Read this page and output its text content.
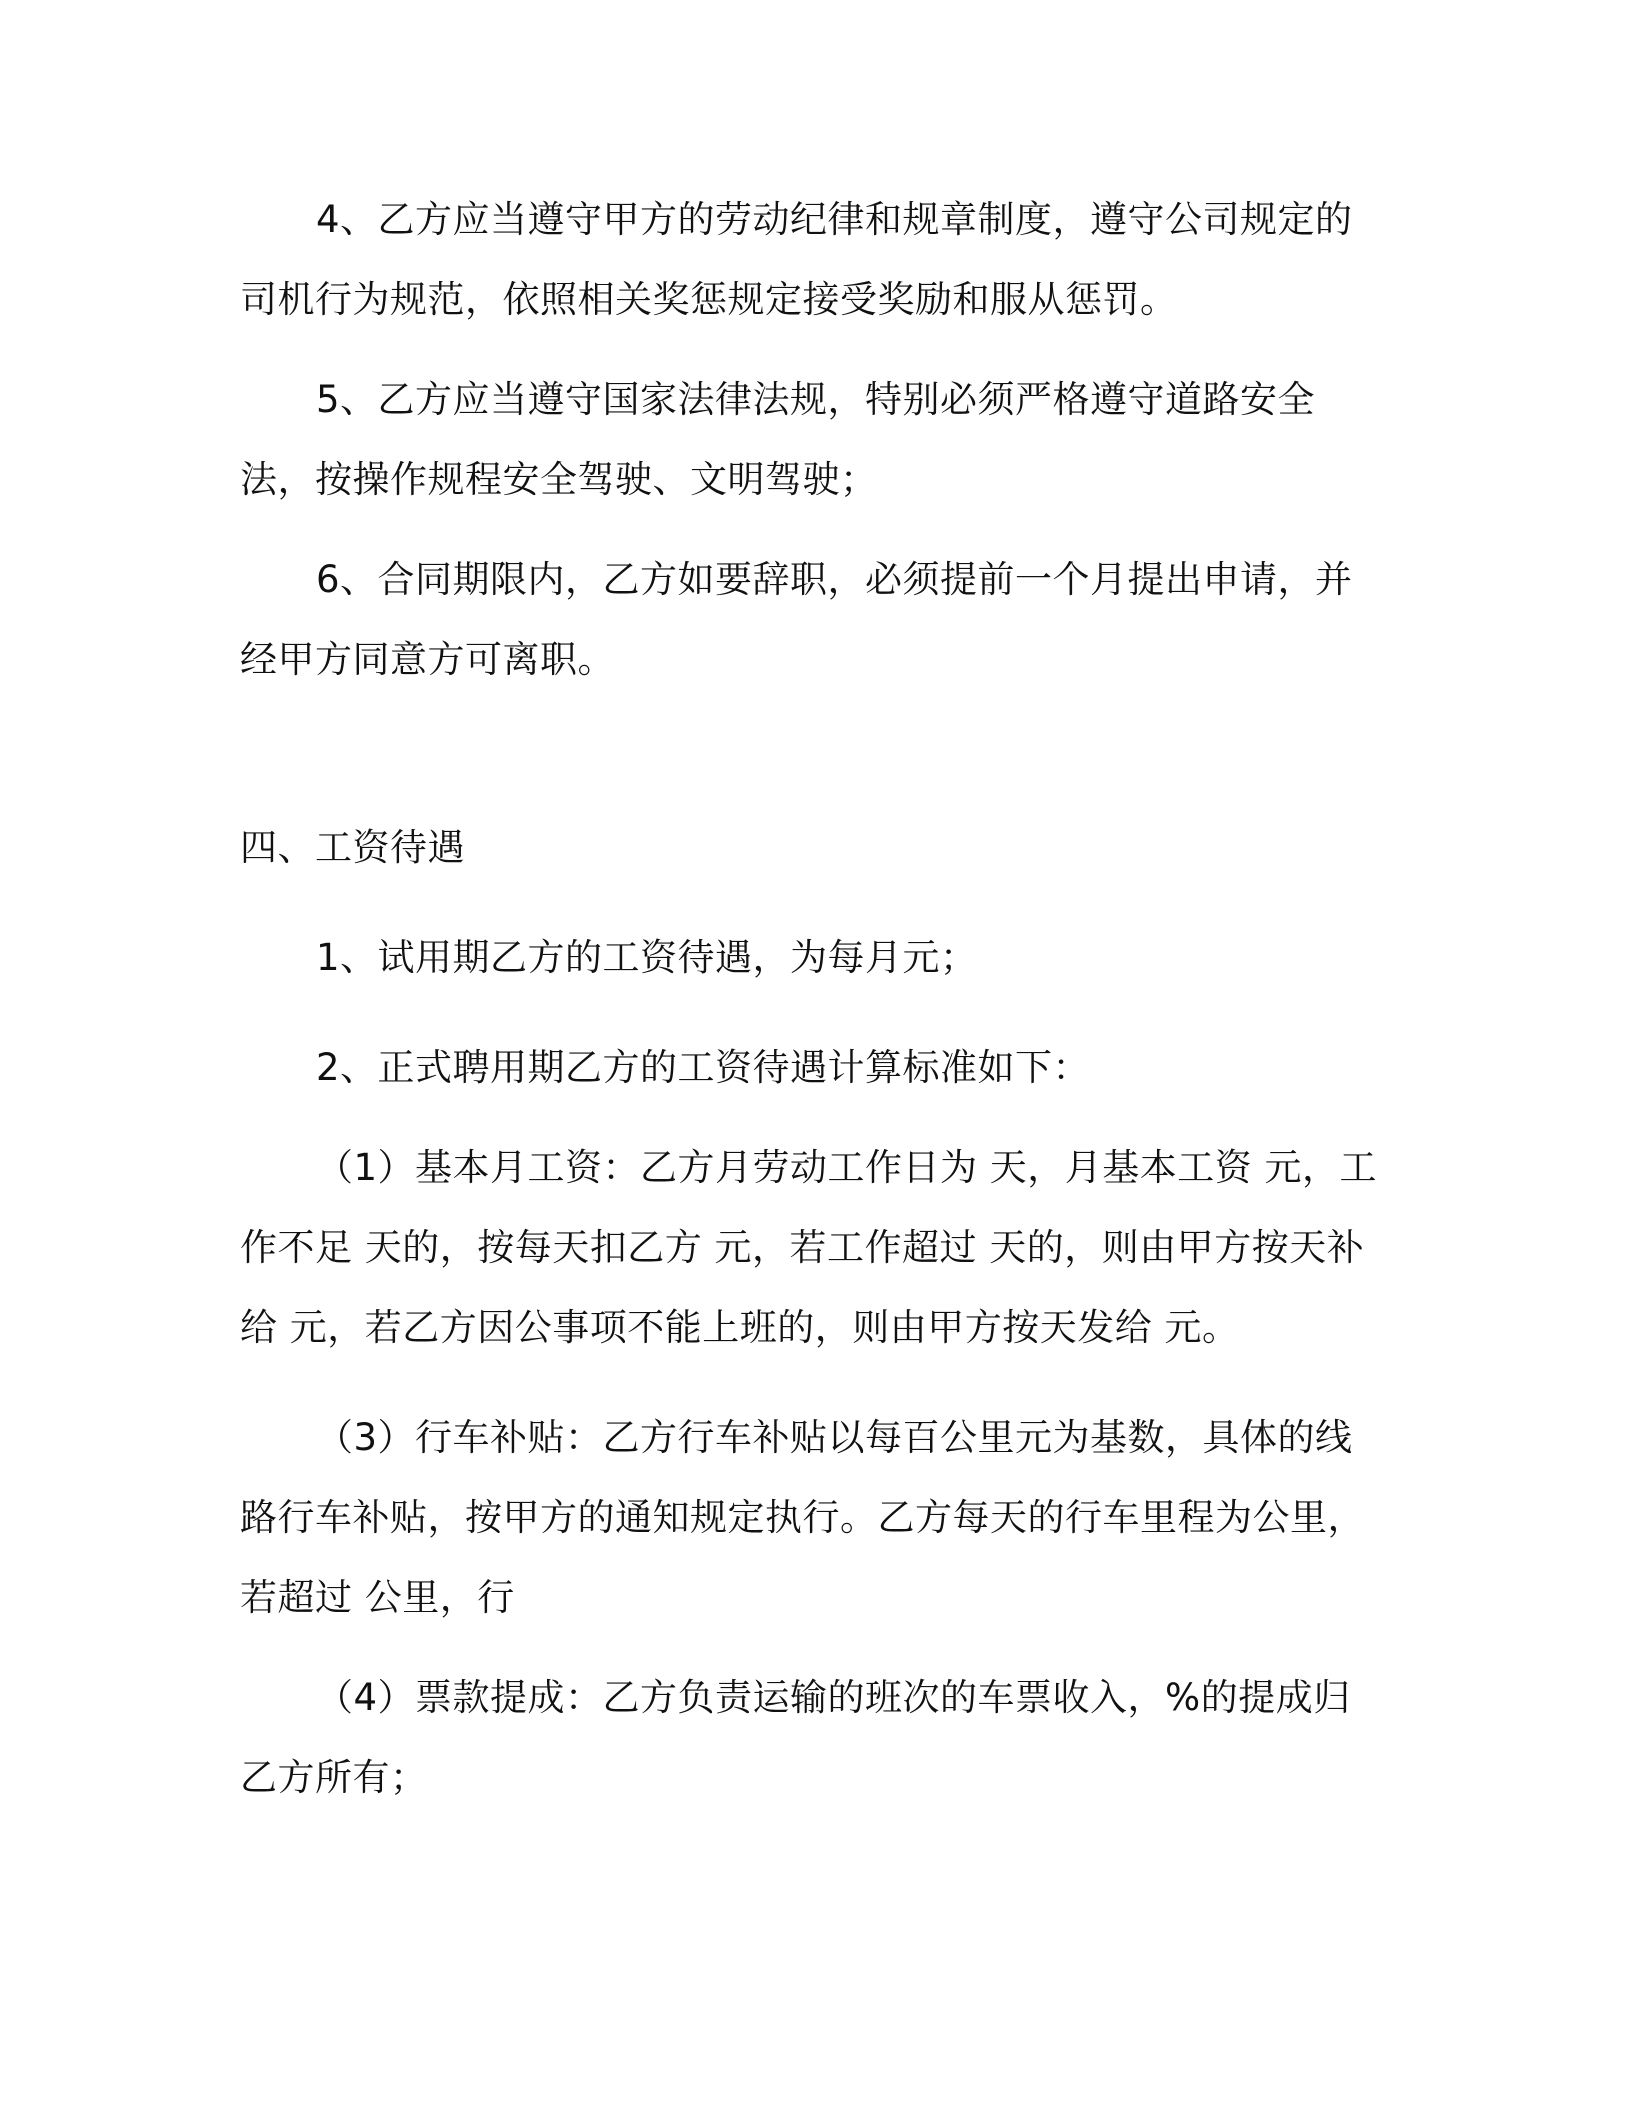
4、乙方应当遵守甲方的劳动纪律和规章制度，遵守公司规定的司机行为规范，依照相关奖惩规定接受奖励和服从惩罚。

5、乙方应当遵守国家法律法规，特别必须严格遵守道路安全法，按操作规程安全驾驶、文明驾驶；

6、合同期限内，乙方如要辞职，必须提前一个月提出申请，并经甲方同意方可离职。

四、工资待遇

1、试用期乙方的工资待遇，为每月元；

2、正式聘用期乙方的工资待遇计算标准如下：

（1）基本月工资：乙方月劳动工作日为 天，月基本工资 元，工作不足 天的，按每天扣乙方 元，若工作超过 天的，则由甲方按天补给 元，若乙方因公事项不能上班的，则由甲方按天发给 元。

（3）行车补贴：乙方行车补贴以每百公里元为基数，具体的线路行车补贴，按甲方的通知规定执行。乙方每天的行车里程为公里，若超过 公里，行

（4）票款提成：乙方负责运输的班次的车票收入，%的提成归乙方所有；
